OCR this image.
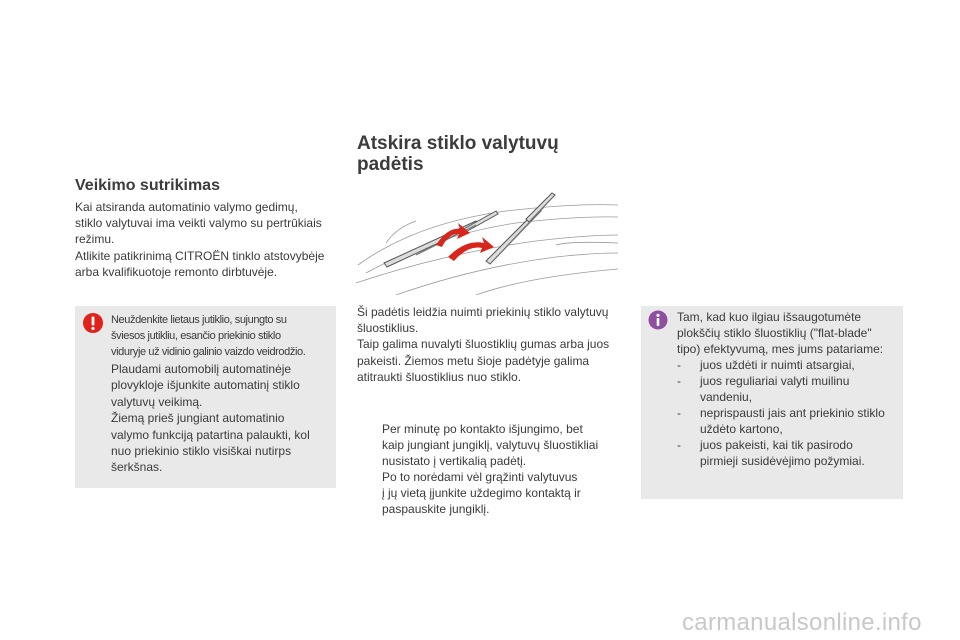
Veikimo sutrikimas
Kai atsiranda automatinio valymo gedimų,
stiklo valytuvai ima veikti valymo su pertrūkiais
režimu.
Atlikite patikrinimą CITROËN tinklo atstovybėje
arba kvalifikuotoje remonto dirbtuvėje.
Neuždenkite lietaus jutiklio, sujungto su
šviesos jutikliu, esančio priekinio stiklo
viduryje už vidinio galinio vaizdo veidrodžio.
Plaudami automobilį automatinėje
plovykloje išjunkite automatinį stiklo
valytuvų veikimą.
Žiemą prieš jungiant automatinio
valymo funkciją patartina palaukti, kol
nuo priekinio stiklo visiškai nutirps
šerkšnas.
Atskira stiklo valytuvų
padėtis
Ši padėtis leidžia nuimti priekinių stiklo valytuvų
šluostiklius.
Taip galima nuvalyti šluostiklių gumas arba juos
pakeisti. Žiemos metu šioje padėtyje galima
atitraukti šluostiklius nuo stiklo.
Per minutę po kontakto išjungimo, bet
kaip jungiant jungiklį, valytuvų šluostikliai
nusistato į vertikalią padėtį.
Po to norėdami vėl grąžinti valytuvus
į jų vietą įjunkite uždegimo kontaktą ir
paspauskite jungiklį.
Tam, kad kuo ilgiau išsaugotumėte
plokščių stiklo šluostiklių ("flat-blade"
tipo) efektyvumą, mes jums patariame:
- juos uždėti ir nuimti atsargiai,
- juos reguliariai valyti muilinu
vandeniu,
- neprispausti jais ant priekinio stiklo
uždėto kartono,
- juos pakeisti, kai tik pasirodo
pirmieji susidėvėjimo požymiai.
carmanualsonline.info
